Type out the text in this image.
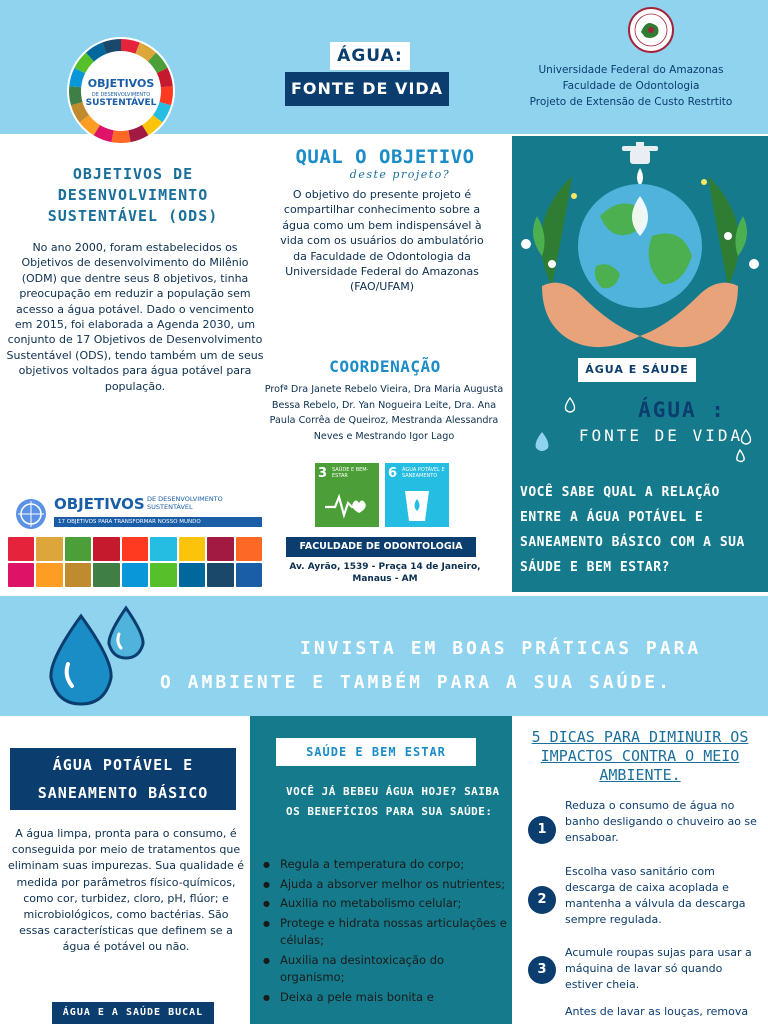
OBJETIVOS
DE DESENVOLVIMENTO
SUSTENTÁVEL
ÁGUA:
FONTE DE VIDA
Universidade Federal do Amazonas
Faculdade de Odontologia
Projeto de Extensão de Custo Restrtito
OBJETIVOS DE DESENVOLVIMENTO SUSTENTÁVEL (ODS)
No ano 2000, foram estabelecidos os Objetivos de desenvolvimento do Milênio (ODM) que dentre seus 8 objetivos, tinha preocupação em reduzir a população sem acesso a água potável. Dado o vencimento em 2015, foi elaborada a Agenda 2030, um conjunto de 17 Objetivos de Desenvolvimento Sustentável (ODS), tendo também um de seus objetivos voltados para água potável para população.
OBJETIVOS DE DESENVOLVIMENTO SUSTENTÁVEL
17 OBJETIVOS PARA TRANSFORMAR NOSSO MUNDO
QUAL O OBJETIVO
deste projeto?
O objetivo do presente projeto é compartilhar conhecimento sobre a água como um bem indispensável à vida com os usuários do ambulatório da Faculdade de Odontologia da Universidade Federal do Amazonas (FAO/UFAM)
COORDENAÇÃO
Profª Dra Janete Rebelo Vieira, Dra Maria Augusta Bessa Rebelo, Dr. Yan Nogueira Leite, Dra. Ana Paula Corrêa de Queiroz, Mestranda Alessandra Neves e Mestrando Igor Lago
3 SAÚDE E BEM-ESTAR	6 ÁGUA POTÁVEL E SANEAMENTO
FACULDADE DE ODONTOLOGIA
Av. Ayrão, 1539 - Praça 14 de Janeiro, Manaus - AM
ÁGUA E SÁUDE
ÁGUA :
FONTE DE VIDA
VOCÊ SABE QUAL A RELAÇÃO ENTRE A ÁGUA POTÁVEL E SANEAMENTO BÁSICO COM A SUA SÁUDE E BEM ESTAR?
INVISTA EM BOAS PRÁTICAS PARA
O AMBIENTE E TAMBÉM PARA A SUA SAÚDE.
ÁGUA POTÁVEL E SANEAMENTO BÁSICO
A água limpa, pronta para o consumo, é conseguida por meio de tratamentos que eliminam suas impurezas. Sua qualidade é medida por parâmetros físico-químicos, como cor, turbidez, cloro, pH, flúor; e microbiológicos, como bactérias. São essas características que definem se a água é potável ou não.
ÁGUA E A SAÚDE BUCAL
SAÚDE E BEM ESTAR
VOCÊ JÁ BEBEU ÁGUA HOJE? SAIBA OS BENEFÍCIOS PARA SUA SAÚDE:
● Regula a temperatura do corpo;
● Ajuda a absorver melhor os nutrientes;
● Auxilia no metabolismo celular;
● Protege e hidrata nossas articulações e células;
● Auxilia na desintoxicação do organismo;
● Deixa a pele mais bonita e
5 DICAS PARA DIMINUIR OS IMPACTOS CONTRA O MEIO AMBIENTE.
1
Reduza o consumo de água no banho desligando o chuveiro ao se ensaboar.
2
Escolha vaso sanitário com descarga de caixa acoplada e mantenha a válvula da descarga sempre regulada.
3
Acumule roupas sujas para usar a máquina de lavar só quando estiver cheia.
Antes de lavar as louças, remova
